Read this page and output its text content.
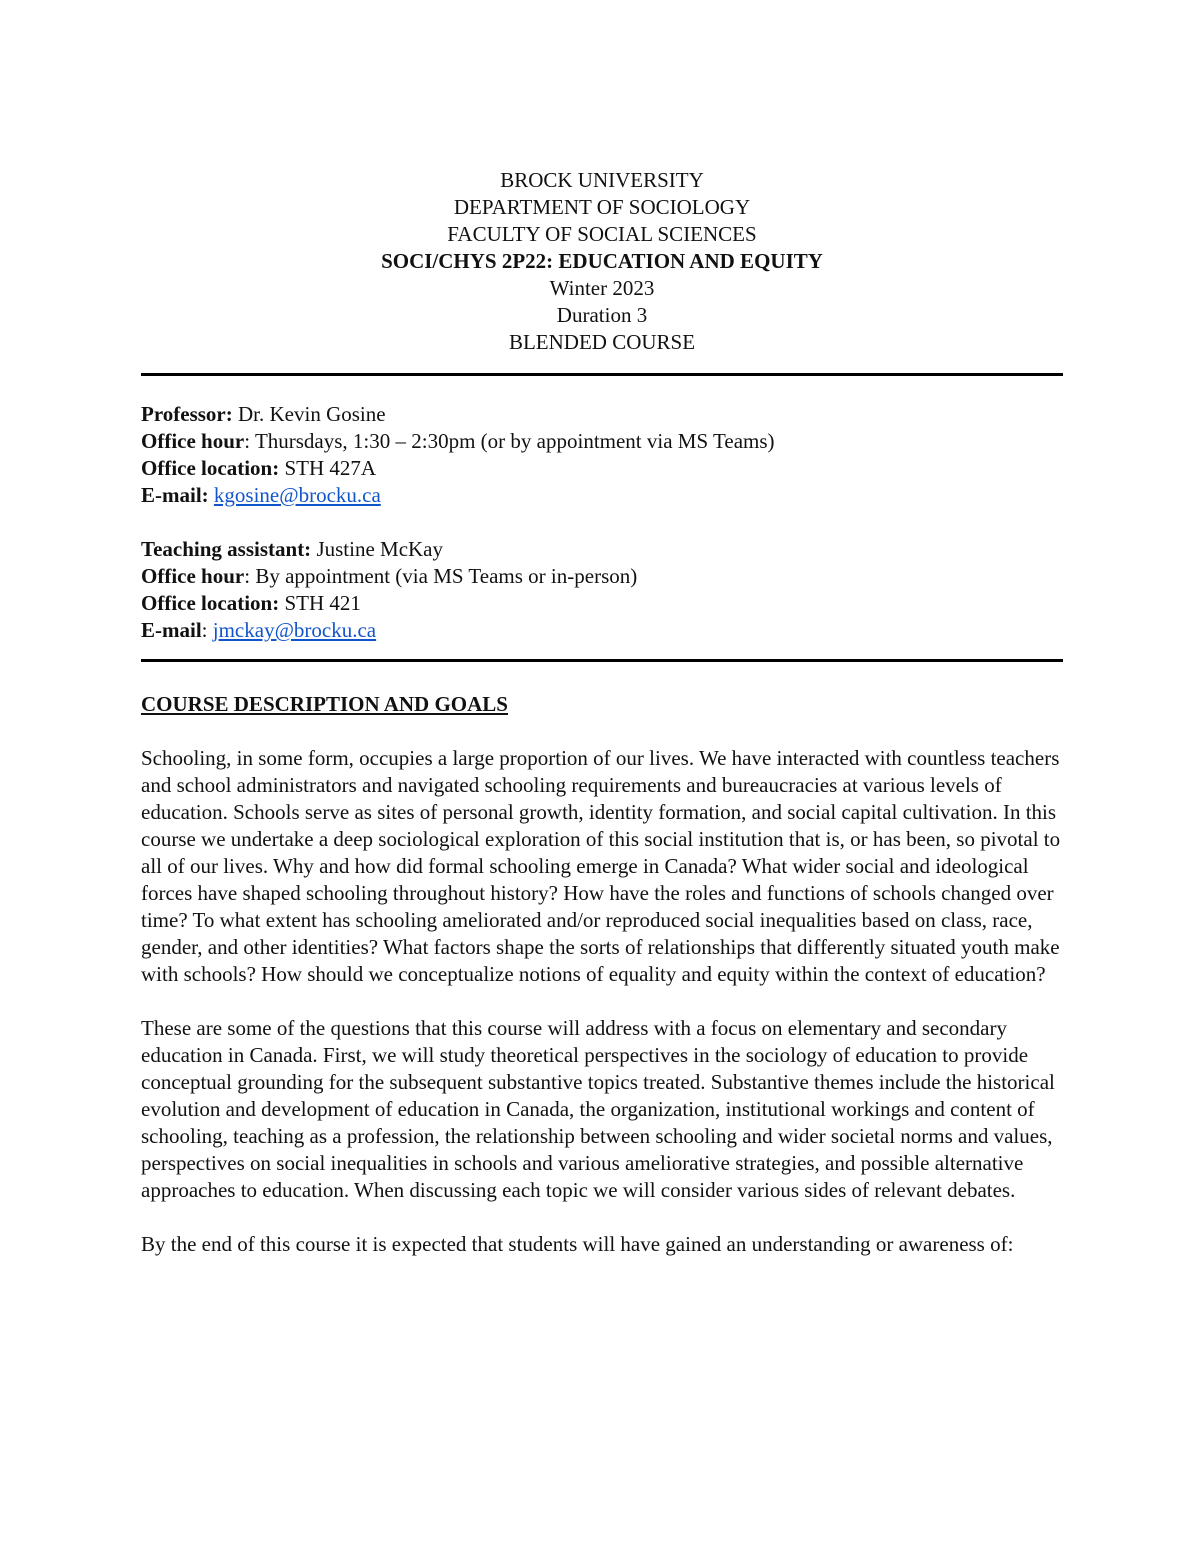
BROCK UNIVERSITY
DEPARTMENT OF SOCIOLOGY
FACULTY OF SOCIAL SCIENCES
SOCI/CHYS 2P22: EDUCATION AND EQUITY
Winter 2023
Duration 3
BLENDED COURSE
Professor: Dr. Kevin Gosine
Office hour: Thursdays, 1:30 – 2:30pm (or by appointment via MS Teams)
Office location: STH 427A
E-mail: kgosine@brocku.ca
Teaching assistant: Justine McKay
Office hour: By appointment (via MS Teams or in-person)
Office location: STH 421
E-mail: jmckay@brocku.ca
COURSE DESCRIPTION AND GOALS

Schooling, in some form, occupies a large proportion of our lives. We have interacted with countless teachers and school administrators and navigated schooling requirements and bureaucracies at various levels of education. Schools serve as sites of personal growth, identity formation, and social capital cultivation. In this course we undertake a deep sociological exploration of this social institution that is, or has been, so pivotal to all of our lives. Why and how did formal schooling emerge in Canada? What wider social and ideological forces have shaped schooling throughout history? How have the roles and functions of schools changed over time? To what extent has schooling ameliorated and/or reproduced social inequalities based on class, race, gender, and other identities? What factors shape the sorts of relationships that differently situated youth make with schools? How should we conceptualize notions of equality and equity within the context of education?

These are some of the questions that this course will address with a focus on elementary and secondary education in Canada. First, we will study theoretical perspectives in the sociology of education to provide conceptual grounding for the subsequent substantive topics treated. Substantive themes include the historical evolution and development of education in Canada, the organization, institutional workings and content of schooling, teaching as a profession, the relationship between schooling and wider societal norms and values, perspectives on social inequalities in schools and various ameliorative strategies, and possible alternative approaches to education. When discussing each topic we will consider various sides of relevant debates.

By the end of this course it is expected that students will have gained an understanding or awareness of:
